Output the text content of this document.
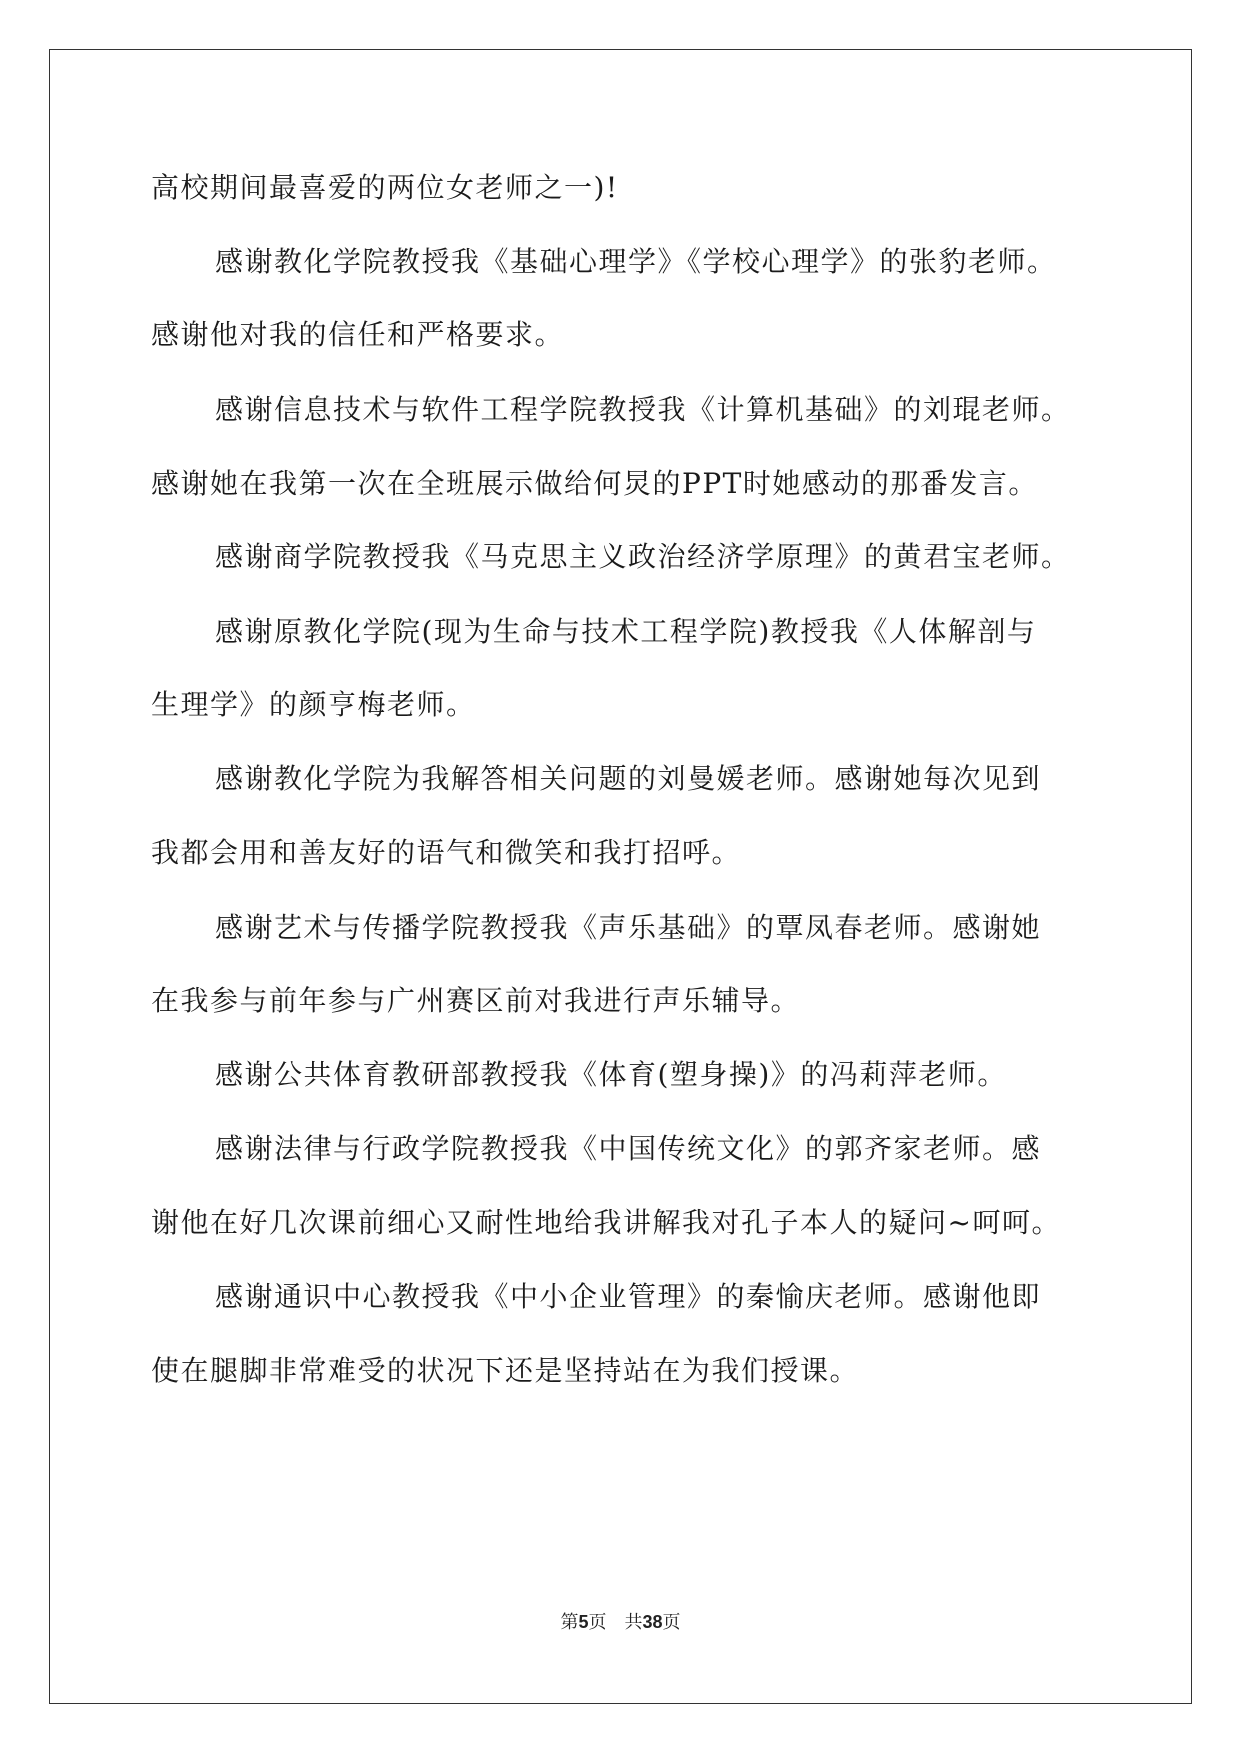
高校期间最喜爱的两位女老师之一)!
感谢教化学院教授我《基础心理学》《学校心理学》的张豹老师。
感谢他对我的信任和严格要求。
感谢信息技术与软件工程学院教授我《计算机基础》的刘琨老师。
感谢她在我第一次在全班展示做给何炅的PPT时她感动的那番发言。
感谢商学院教授我《马克思主义政治经济学原理》的黄君宝老师。
感谢原教化学院(现为生命与技术工程学院)教授我《人体解剖与
生理学》的颜亨梅老师。
感谢教化学院为我解答相关问题的刘曼媛老师。感谢她每次见到
我都会用和善友好的语气和微笑和我打招呼。
感谢艺术与传播学院教授我《声乐基础》的覃凤春老师。感谢她
在我参与前年参与广州赛区前对我进行声乐辅导。
感谢公共体育教研部教授我《体育(塑身操)》的冯莉萍老师。
感谢法律与行政学院教授我《中国传统文化》的郭齐家老师。感
谢他在好几次课前细心又耐性地给我讲解我对孔子本人的疑问~呵呵。
感谢通识中心教授我《中小企业管理》的秦愉庆老师。感谢他即
使在腿脚非常难受的状况下还是坚持站在为我们授课。
第5页 共38页
